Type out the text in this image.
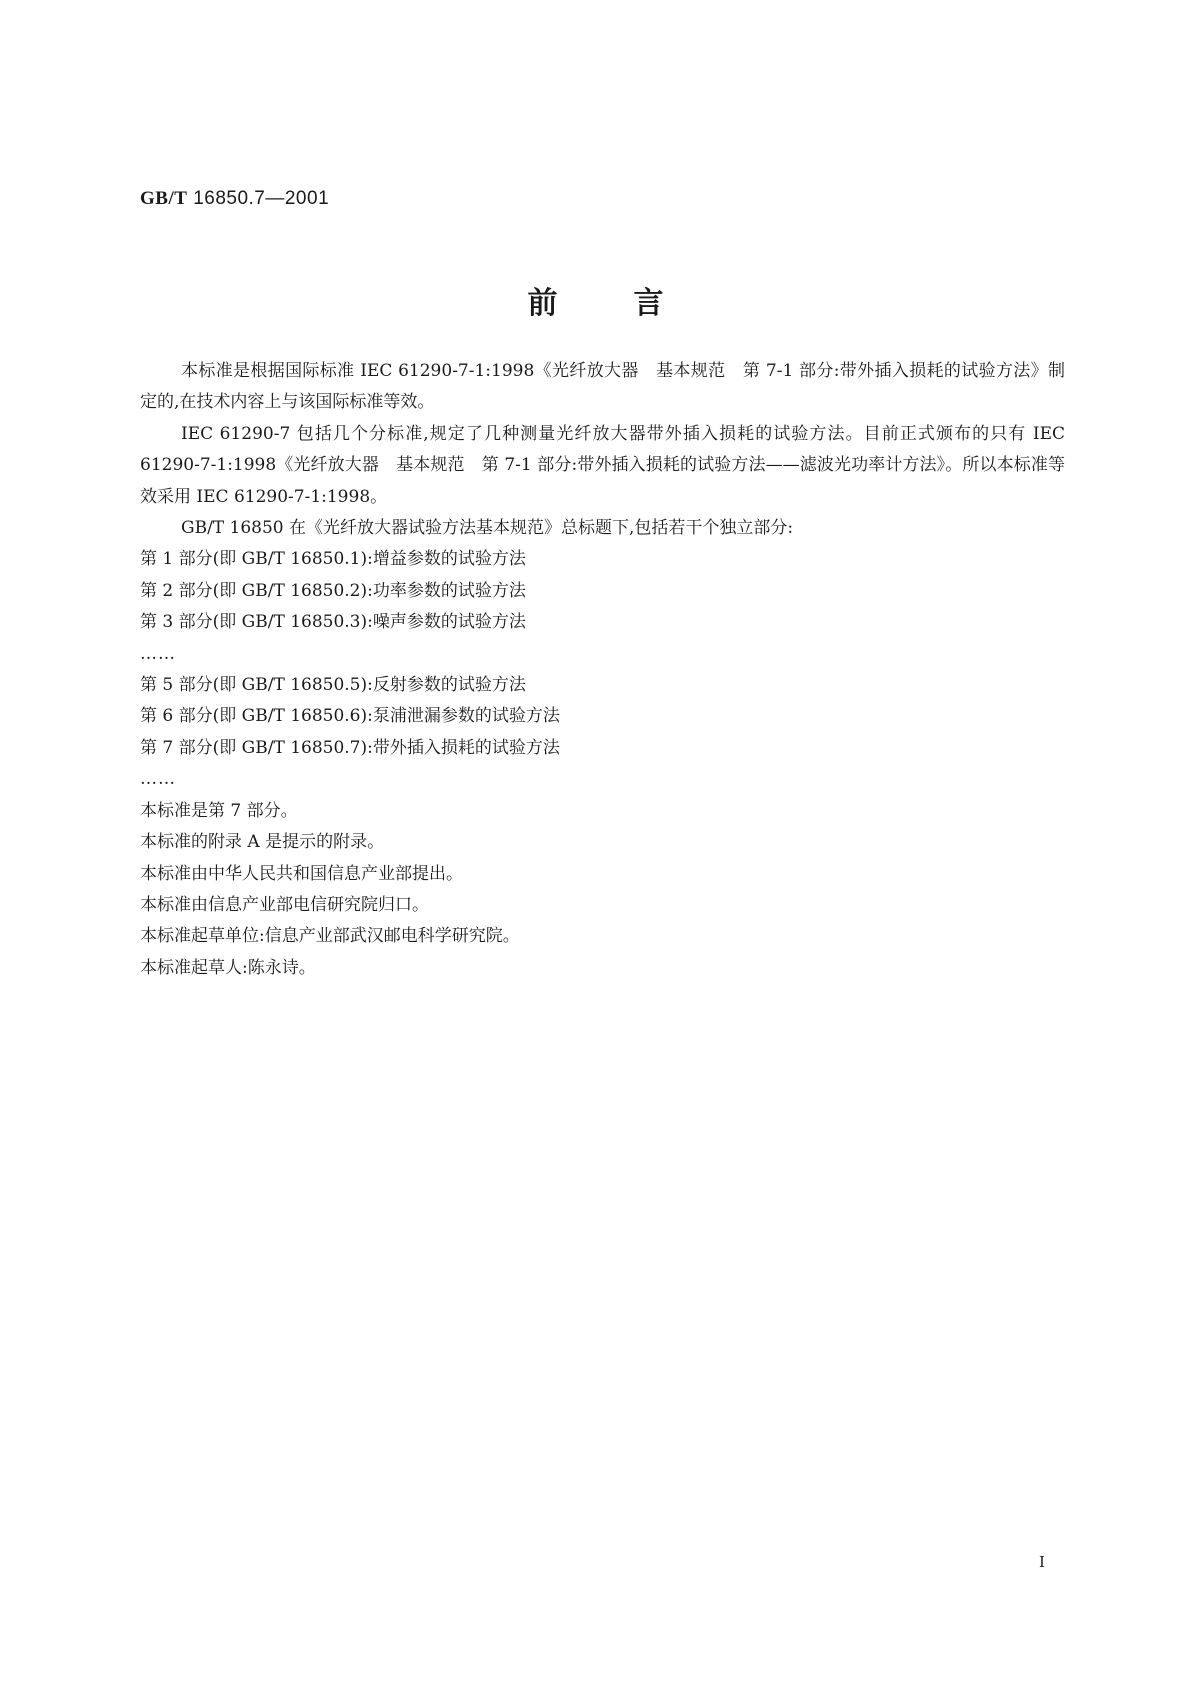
GB/T 16850.7—2001
前言

本标准是根据国际标准 IEC 61290-7-1:1998《光纤放大器　基本规范　第 7-1 部分:带外插入损耗的试验方法》制定的,在技术内容上与该国际标准等效。

IEC 61290-7 包括几个分标准,规定了几种测量光纤放大器带外插入损耗的试验方法。目前正式颁布的只有 IEC 61290-7-1:1998《光纤放大器　基本规范　第 7-1 部分:带外插入损耗的试验方法——滤波光功率计方法》。所以本标准等效采用 IEC 61290-7-1:1998。

GB/T 16850 在《光纤放大器试验方法基本规范》总标题下,包括若干个独立部分:

第 1 部分(即 GB/T 16850.1):增益参数的试验方法

第 2 部分(即 GB/T 16850.2):功率参数的试验方法

第 3 部分(即 GB/T 16850.3):噪声参数的试验方法

……

第 5 部分(即 GB/T 16850.5):反射参数的试验方法

第 6 部分(即 GB/T 16850.6):泵浦泄漏参数的试验方法

第 7 部分(即 GB/T 16850.7):带外插入损耗的试验方法

……

本标准是第 7 部分。

本标准的附录 A 是提示的附录。

本标准由中华人民共和国信息产业部提出。

本标准由信息产业部电信研究院归口。

本标准起草单位:信息产业部武汉邮电科学研究院。

本标准起草人:陈永诗。

I
